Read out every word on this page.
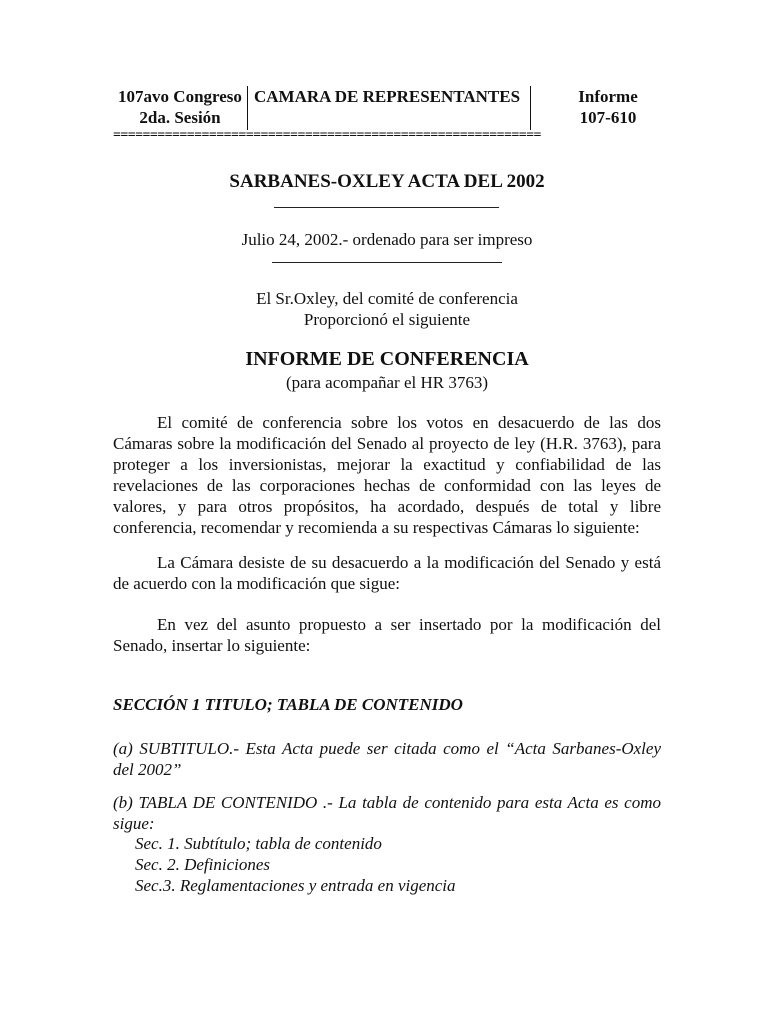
107avo Congreso
2da. Sesión
CAMARA DE REPRESENTANTES	Informe
107-610
==========================================================
SARBANES-OXLEY ACTA DEL 2002
Julio 24, 2002.- ordenado para ser impreso
El Sr.Oxley, del comité de conferencia
Proporcionó el siguiente
INFORME DE CONFERENCIA
(para acompañar el HR 3763)
El comité de conferencia sobre los votos en desacuerdo de las dos Cámaras sobre la modificación del Senado al proyecto de ley (H.R. 3763), para proteger a los inversionistas, mejorar la exactitud y confiabilidad de las revelaciones de las corporaciones hechas de conformidad con las leyes de valores, y para otros propósitos, ha acordado, después de total y libre conferencia, recomendar y recomienda a su respectivas Cámaras lo siguiente:
La Cámara desiste de su desacuerdo a la modificación del Senado y está de acuerdo con la modificación que sigue:
En vez del asunto propuesto a ser insertado por la modificación del Senado, insertar lo siguiente:
SECCIÓN 1 TITULO; TABLA DE CONTENIDO
(a) SUBTITULO.- Esta Acta puede ser citada como el “Acta Sarbanes-Oxley del 2002”
(b) TABLA DE CONTENIDO .- La tabla de contenido para esta Acta es como sigue:
Sec. 1. Subtítulo; tabla de contenido
Sec. 2. Definiciones
Sec.3. Reglamentaciones y entrada en vigencia
